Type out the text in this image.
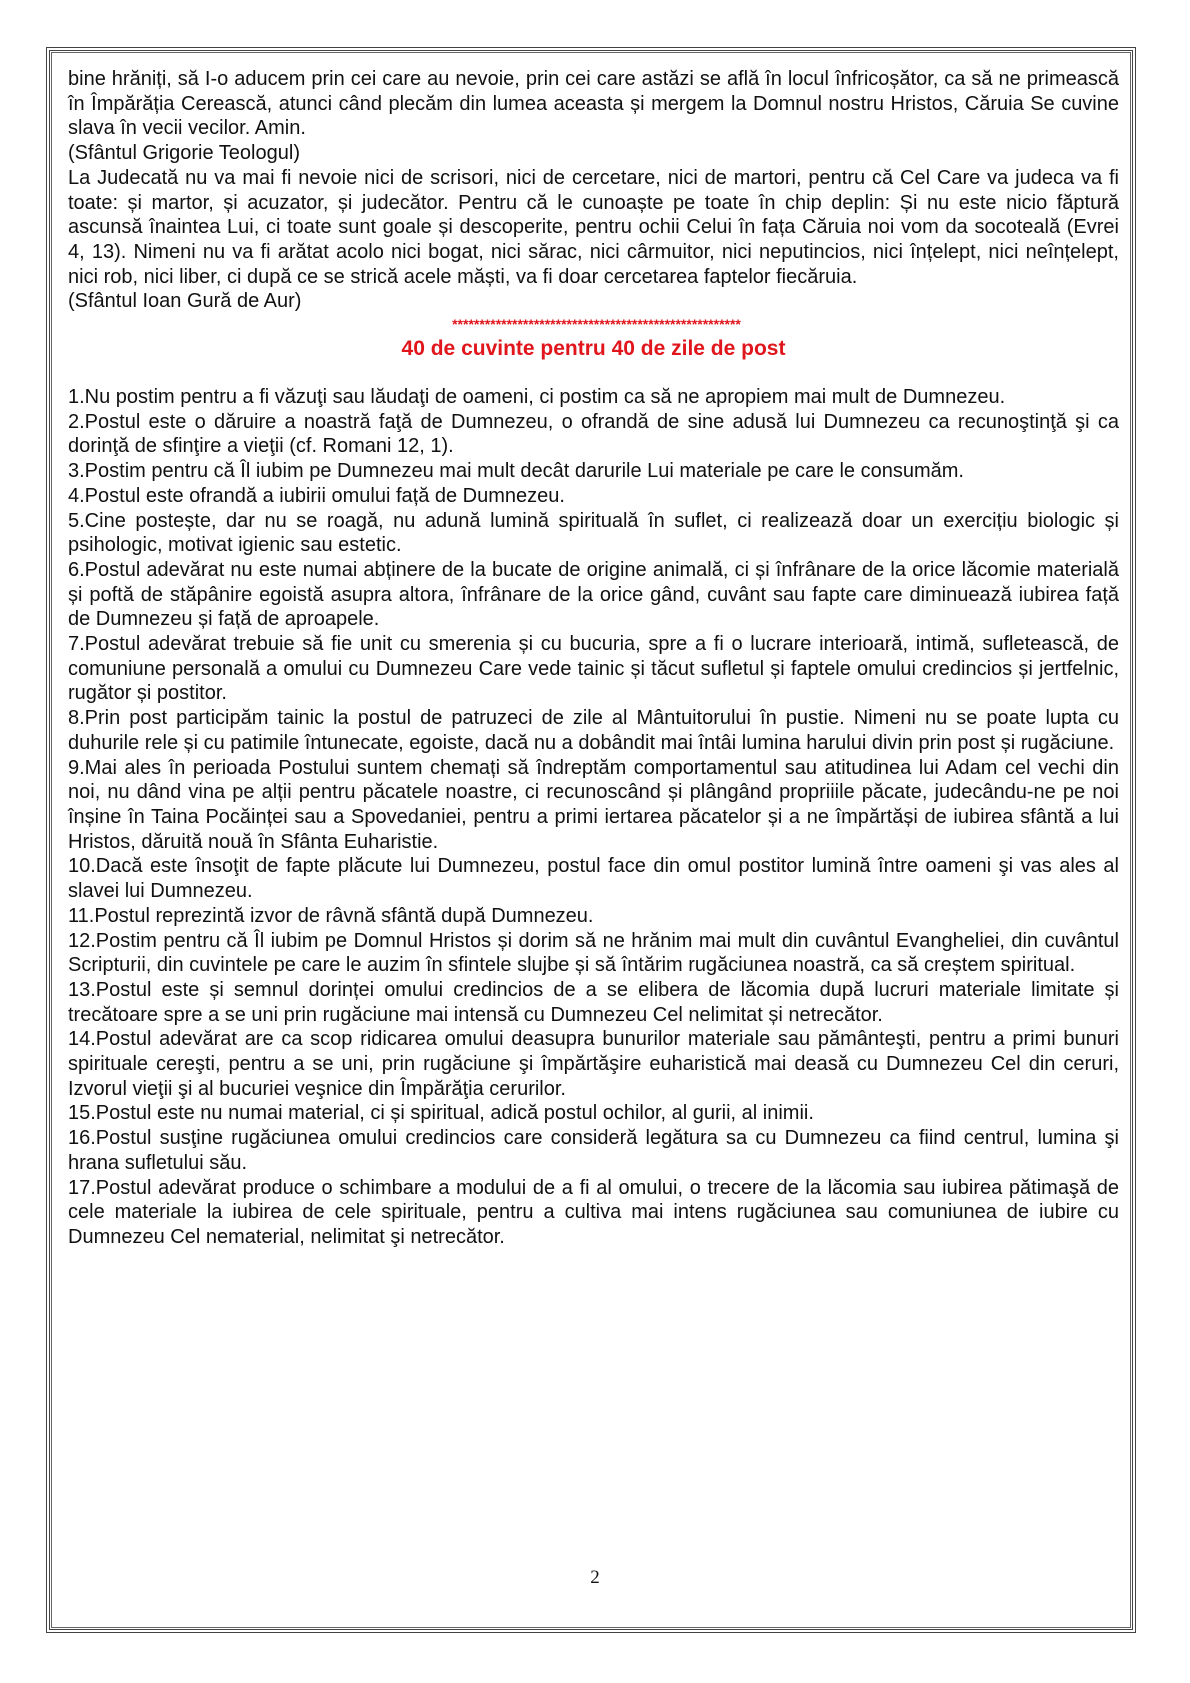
bine hrăniți, să I-o aducem prin cei care au nevoie, prin cei care astăzi se află în locul înfricoșător, ca să ne primească în Împărăția Cerească, atunci când plecăm din lumea aceasta și mergem la Domnul nostru Hristos, Căruia Se cuvine slava în vecii vecilor. Amin.

(Sfântul Grigorie Teologul)

La Judecată nu va mai fi nevoie nici de scrisori, nici de cercetare, nici de martori, pentru că Cel Care va judeca va fi toate: și martor, și acuzator, și judecător. Pentru că le cunoaște pe toate în chip deplin: Și nu este nicio făptură ascunsă înaintea Lui, ci toate sunt goale și descoperite, pentru ochii Celui în fața Căruia noi vom da socoteală (Evrei 4, 13). Nimeni nu va fi arătat acolo nici bogat, nici sărac, nici cârmuitor, nici neputincios, nici înțelept, nici neînțelept, nici rob, nici liber, ci după ce se strică acele măști, va fi doar cercetarea faptelor fiecăruia.

(Sfântul Ioan Gură de Aur)

*****************************************************
40 de cuvinte pentru 40 de zile de post

1.Nu postim pentru a fi văzuţi sau lăudaţi de oameni, ci postim ca să ne apropiem mai mult de Dumnezeu.

2.Postul este o dăruire a noastră faţă de Dumnezeu, o ofrandă de sine adusă lui Dumnezeu ca recunoştinţă şi ca dorinţă de sfinţire a vieţii (cf. Romani 12, 1).

3.Postim pentru că Îl iubim pe Dumnezeu mai mult decât darurile Lui materiale pe care le consumăm.

4.Postul este ofrandă a iubirii omului față de Dumnezeu.

5.Cine postește, dar nu se roagă, nu adună lumină spirituală în suflet, ci realizează doar un exercițiu biologic și psihologic, motivat igienic sau estetic.

6.Postul adevărat nu este numai abținere de la bucate de origine animală, ci și înfrânare de la orice lăcomie materială și poftă de stăpânire egoistă asupra altora, înfrânare de la orice gând, cuvânt sau fapte care diminuează iubirea față de Dumnezeu și față de aproapele.

7.Postul adevărat trebuie să fie unit cu smerenia și cu bucuria, spre a fi o lucrare interioară, intimă, sufletească, de comuniune personală a omului cu Dumnezeu Care vede tainic și tăcut sufletul și faptele omului credincios și jertfelnic, rugător și postitor.

8.Prin post participăm tainic la postul de patruzeci de zile al Mântuitorului în pustie. Nimeni nu se poate lupta cu duhurile rele și cu patimile întunecate, egoiste, dacă nu a dobândit mai întâi lumina harului divin prin post și rugăciune.

9.Mai ales în perioada Postului suntem chemați să îndreptăm comportamentul sau atitudinea lui Adam cel vechi din noi, nu dând vina pe alții pentru păcatele noastre, ci recunoscând și plângând propriiile păcate, judecându-ne pe noi înșine în Taina Pocăinței sau a Spovedaniei, pentru a primi iertarea păcatelor și a ne împărtăși de iubirea sfântă a lui Hristos, dăruită nouă în Sfânta Euharistie.

10.Dacă este însoţit de fapte plăcute lui Dumnezeu, postul face din omul postitor lumină între oameni şi vas ales al slavei lui Dumnezeu.

11.Postul reprezintă izvor de râvnă sfântă după Dumnezeu.

12.Postim pentru că Îl iubim pe Domnul Hristos și dorim să ne hrănim mai mult din cuvântul Evangheliei, din cuvântul Scripturii, din cuvintele pe care le auzim în sfintele slujbe și să întărim rugăciunea noastră, ca să creștem spiritual.

13.Postul este și semnul dorinței omului credincios de a se elibera de lăcomia după lucruri materiale limitate și trecătoare spre a se uni prin rugăciune mai intensă cu Dumnezeu Cel nelimitat și netrecător.

14.Postul adevărat are ca scop ridicarea omului deasupra bunurilor materiale sau pământeşti, pentru a primi bunuri spirituale cereşti, pentru a se uni, prin rugăciune şi împărtăşire euharistică mai deasă cu Dumnezeu Cel din ceruri, Izvorul vieţii şi al bucuriei veşnice din Împărăţia cerurilor.

15.Postul este nu numai material, ci și spiritual, adică postul ochilor, al gurii, al inimii.

16.Postul susţine rugăciunea omului credincios care consideră legătura sa cu Dumnezeu ca fiind centrul, lumina şi hrana sufletului său.

17.Postul adevărat produce o schimbare a modului de a fi al omului, o trecere de la lăcomia sau iubirea pătimaşă de cele materiale la iubirea de cele spirituale, pentru a cultiva mai intens rugăciunea sau comuniunea de iubire cu Dumnezeu Cel nematerial, nelimitat şi netrecător.

2
